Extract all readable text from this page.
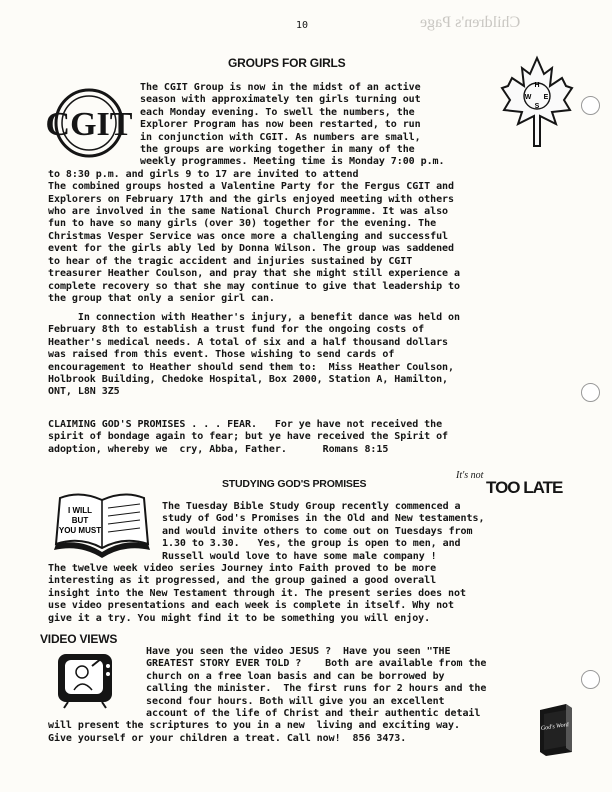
Children's Page
10
GROUPS FOR GIRLS
CGIT
H
W E
S

The CGIT Group is now in the midst of an active

season with approximately ten girls turning out

each Monday evening. To swell the numbers, the

Explorer Program has now been restarted, to run

in conjunction with CGIT. As numbers are small,

the groups are working together in many of the

weekly programmes. Meeting time is Monday 7:00 p.m.

to 8:30 p.m. and girls 9 to 17 are invited to attend

The combined groups hosted a Valentine Party for the Fergus CGIT and

Explorers on February 17th and the girls enjoyed meeting with others

who are involved in the same National Church Programme. It was also

fun to have so many girls (over 30) together for the evening. The

Christmas Vesper Service was once more a challenging and successful

event for the girls ably led by Donna Wilson. The group was saddened

to hear of the tragic accident and injuries sustained by CGIT

treasurer Heather Coulson, and pray that she might still experience a

complete recovery so that she may continue to give that leadership to

the group that only a senior girl can.

In connection with Heather's injury, a benefit dance was held on

February 8th to establish a trust fund for the ongoing costs of

Heather's medical needs. A total of six and a half thousand dollars

was raised from this event. Those wishing to send cards of

encouragement to Heather should send them to:  Miss Heather Coulson,

Holbrook Building, Chedoke Hospital, Box 2000, Station A, Hamilton,

ONT, L8N 3Z5

CLAIMING GOD'S PROMISES . . . FEAR.   For ye have not received the

spirit of bondage again to fear; but ye have received the Spirit of

adoption, whereby we  cry, Abba, Father.      Romans 8:15

STUDYING GOD'S PROMISES
It's not
TOO LATE
I WILL
BUT
YOU MUST

The Tuesday Bible Study Group recently commenced a

study of God's Promises in the Old and New testaments,

and would invite others to come out on Tuesdays from

1.30 to 3.30.   Yes, the group is open to men, and

Russell would love to have some male company !

The twelve week video series Journey into Faith proved to be more

interesting as it progressed, and the group gained a good overall

insight into the New Testament through it. The present series does not

use video presentations and each week is complete in itself. Why not

give it a try. You might find it to be something you will enjoy.

VIDEO VIEWS

Have you seen the video JESUS ?  Have you seen "THE

GREATEST STORY EVER TOLD ?    Both are available from the

church on a free loan basis and can be borrowed by

calling the minister.  The first runs for 2 hours and the

second four hours. Both will give you an excellent

account of the life of Christ and their authentic detail

will present the scriptures to you in a new  living and exciting way.

Give yourself or your children a treat. Call now!  856 3473.

God's Word
